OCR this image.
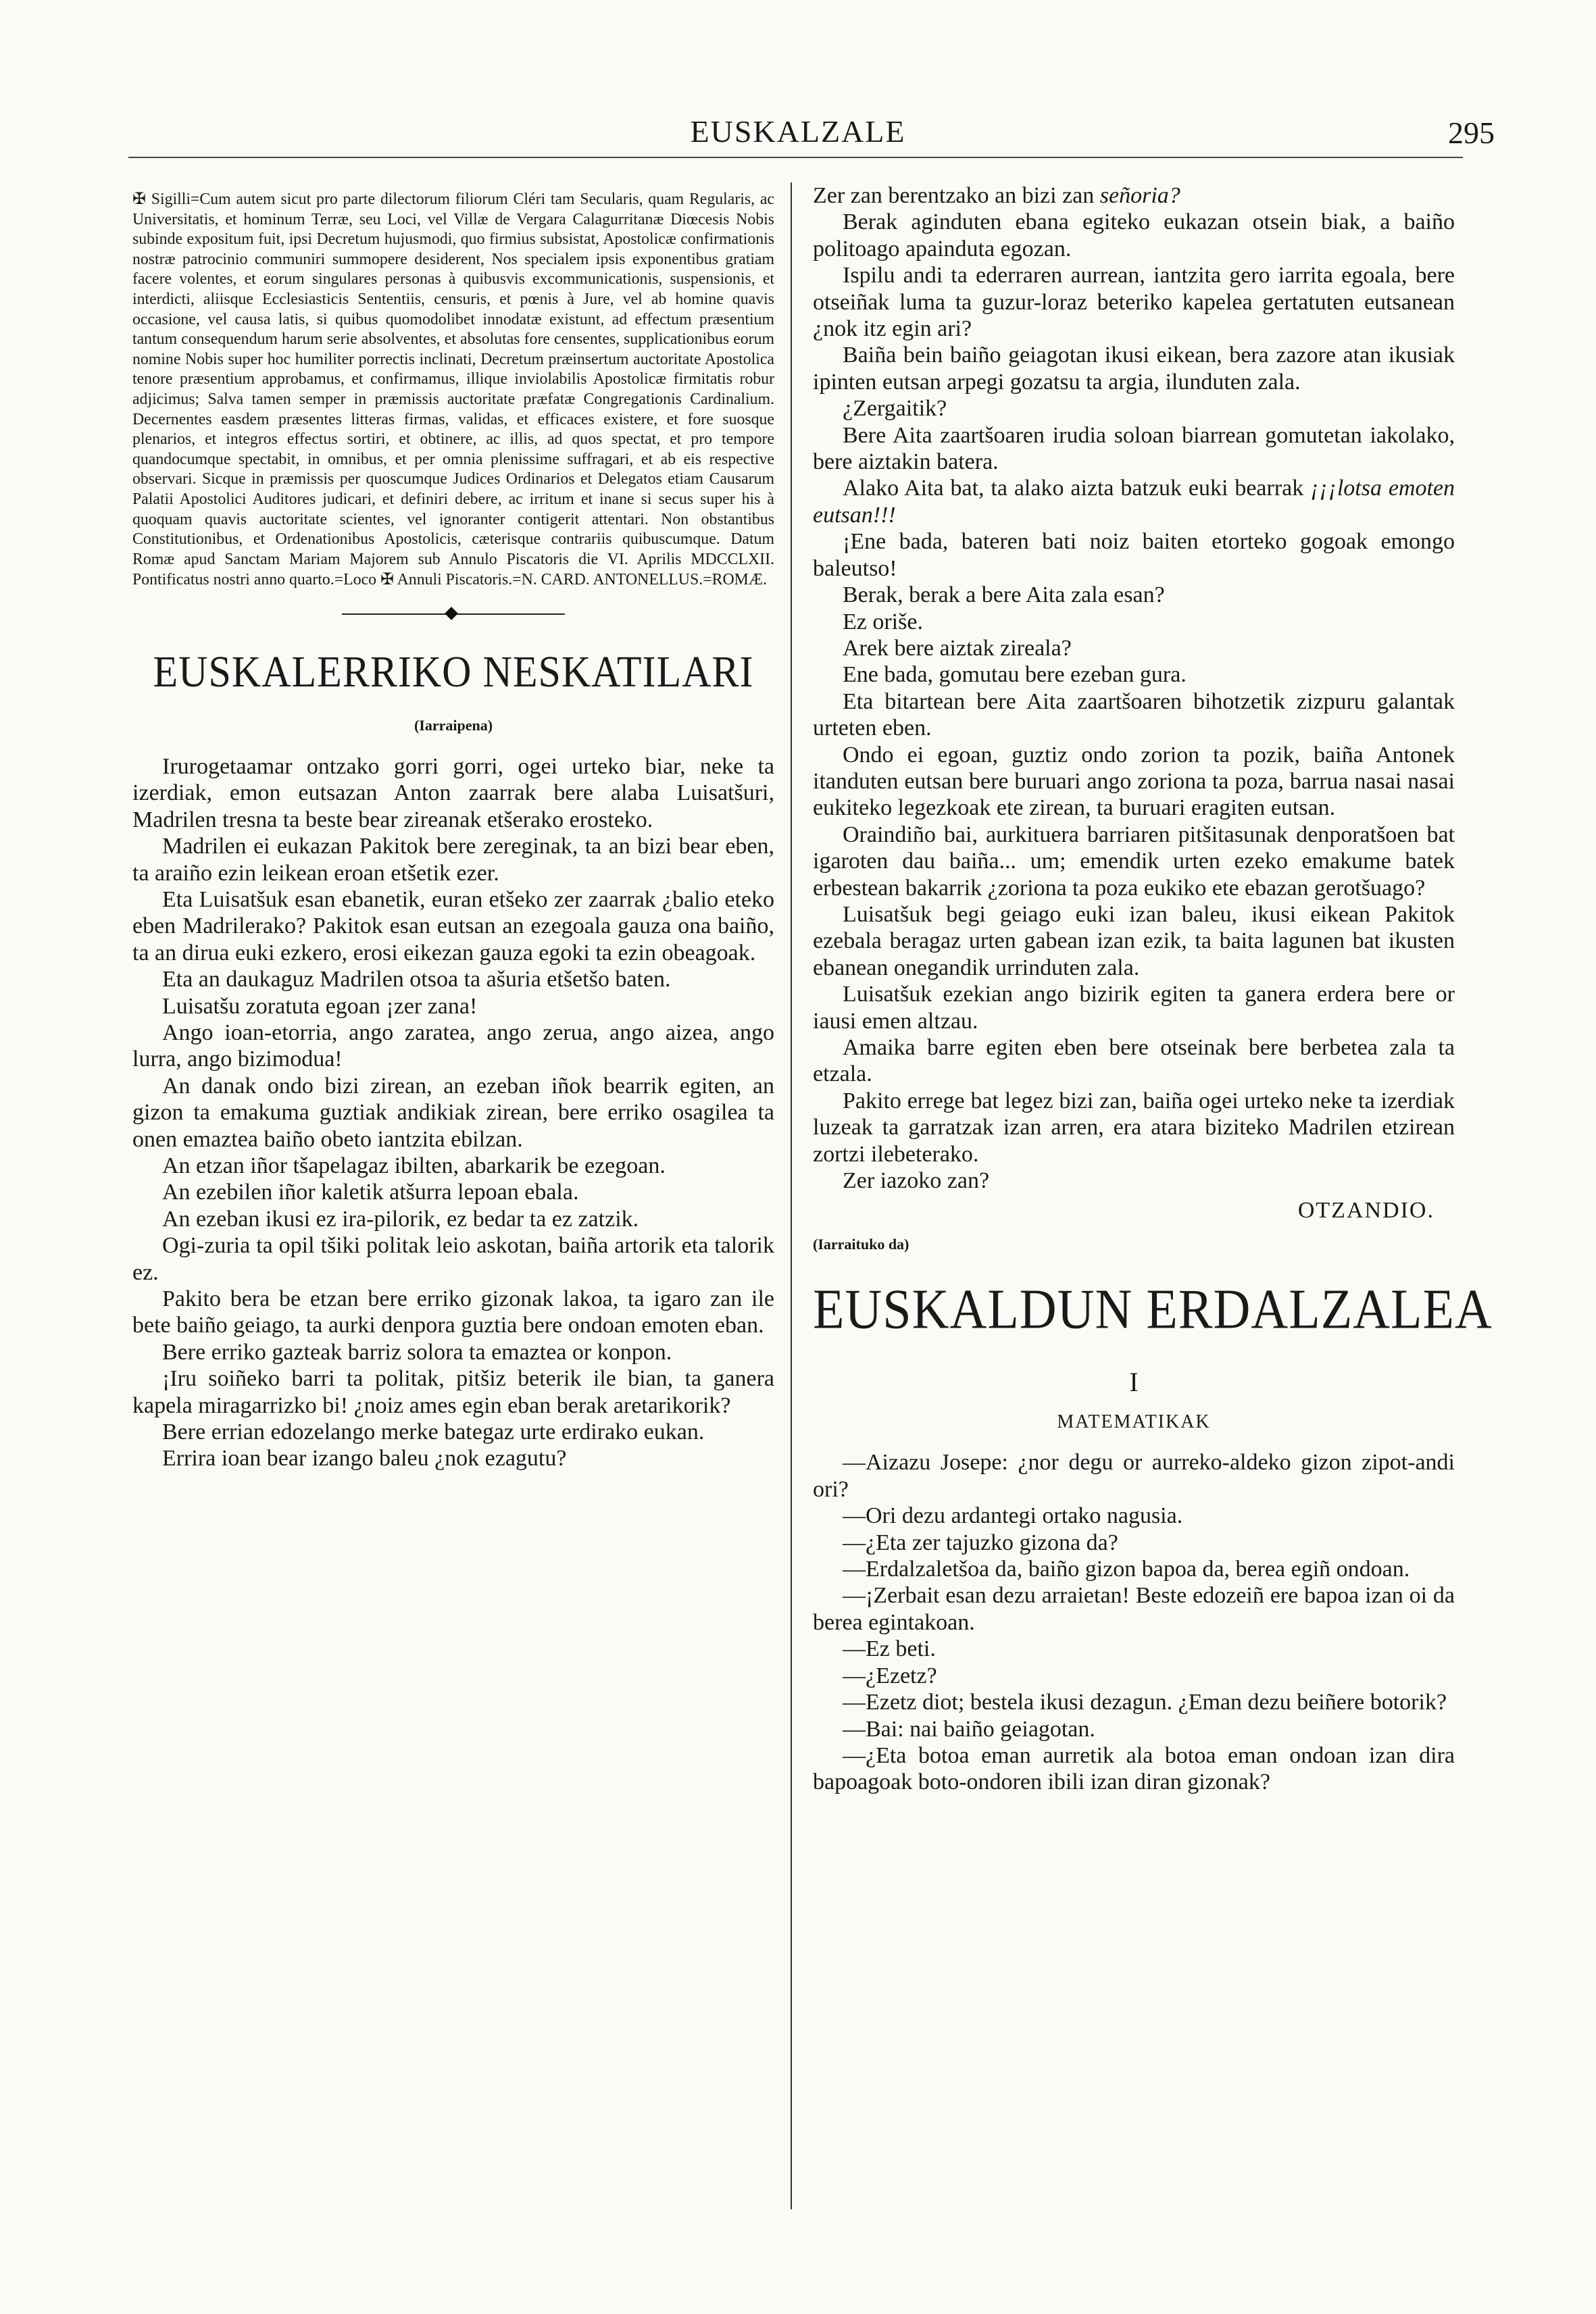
EUSKALZALE	295

✠ Sigilli=Cum autem sicut pro parte dilectorum filiorum Cléri tam Secularis, quam Regularis, ac Universitatis, et hominum Terræ, seu Loci, vel Villæ de Vergara Calagurritanæ Diœcesis Nobis subinde expositum fuit, ipsi Decretum hujusmodi, quo firmius subsistat, Apostolicæ confirmationis nostræ patrocinio communiri summopere desiderent, Nos specialem ipsis exponentibus gratiam facere volentes, et eorum singulares personas à quibusvis excommunicationis, suspensionis, et interdicti, aliisque Ecclesiasticis Sententiis, censuris, et pœnis à Jure, vel ab homine quavis occasione, vel causa latis, si quibus quomodolibet innodatæ existunt, ad effectum præsentium tantum consequendum harum serie absolventes, et absolutas fore censentes, supplicationibus eorum nomine Nobis super hoc humiliter porrectis inclinati, Decretum præinsertum auctoritate Apostolica tenore præsentium approbamus, et confirmamus, illique inviolabilis Apostolicæ firmitatis robur adjicimus; Salva tamen semper in præmissis auctoritate præfatæ Congregationis Cardinalium. Decernentes easdem præsentes litteras firmas, validas, et efficaces existere, et fore suosque plenarios, et integros effectus sortiri, et obtinere, ac illis, ad quos spectat, et pro tempore quandocumque spectabit, in omnibus, et per omnia plenissime suffragari, et ab eis respective observari. Sicque in præmissis per quoscumque Judices Ordinarios et Delegatos etiam Causarum Palatii Apostolici Auditores judicari, et definiri debere, ac irritum et inane si secus super his à quoquam quavis auctoritate scientes, vel ignoranter contigerit attentari. Non obstantibus Constitutionibus, et Ordenationibus Apostolicis, cæterisque contrariis quibuscumque. Datum Romæ apud Sanctam Mariam Majorem sub Annulo Piscatoris die VI. Aprilis MDCCLXII. Pontificatus nostri anno quarto.=Loco ✠ Annuli Piscatoris.=N. CARD. ANTONELLUS.=ROMÆ.

EUSKALERRIKO NESKATILARI
(Iarraipena)

Irurogetaamar ontzako gorri gorri, ogei urteko biar, neke ta izerdiak, emon eutsazan Anton zaarrak bere alaba Luisatšuri, Madrilen tresna ta beste bear zireanak etšerako erosteko.

Madrilen ei eukazan Pakitok bere zereginak, ta an bizi bear eben, ta araiño ezin leikean eroan etšetik ezer.

Eta Luisatšuk esan ebanetik, euran etšeko zer zaarrak ¿balio eteko eben Madrilerako? Pakitok esan eutsan an ezegoala gauza ona baiño, ta an dirua euki ezkero, erosi eikezan gauza egoki ta ezin obeagoak.

Eta an daukaguz Madrilen otsoa ta ašuria etšetšo baten.

Luisatšu zoratuta egoan ¡zer zana!

Ango ioan-etorria, ango zaratea, ango zerua, ango aizea, ango lurra, ango bizimodua!

An danak ondo bizi zirean, an ezeban iñok bearrik egiten, an gizon ta emakuma guztiak andikiak zirean, bere erriko osagilea ta onen emaztea baiño obeto iantzita ebilzan.

An etzan iñor tšapelagaz ibilten, abarkarik be ezegoan.

An ezebilen iñor kaletik atšurra lepoan ebala.

An ezeban ikusi ez ira-pilorik, ez bedar ta ez zatzik.

Ogi-zuria ta opil tšiki politak leio askotan, baiña artorik eta talorik ez.

Pakito bera be etzan bere erriko gizonak lakoa, ta igaro zan ile bete baiño geiago, ta aurki denpora guztia bere ondoan emoten eban.

Bere erriko gazteak barriz solora ta emaztea or konpon.

¡Iru soiñeko barri ta politak, pitšiz beterik ile bian, ta ganera kapela miragarrizko bi! ¿noiz ames egin eban berak aretarikorik?

Bere errian edozelango merke bategaz urte erdirako eukan.

Errira ioan bear izango baleu ¿nok ezagutu?

Zer zan berentzako an bizi zan señoria?

Berak aginduten ebana egiteko eukazan otsein biak, a baiño politoago apainduta egozan.

Ispilu andi ta ederraren aurrean, iantzita gero iarrita egoala, bere otseiñak luma ta guzur-loraz beteriko kapelea gertatuten eutsanean ¿nok itz egin ari?

Baiña bein baiño geiagotan ikusi eikean, bera zazore atan ikusiak ipinten eutsan arpegi gozatsu ta argia, ilunduten zala.

¿Zergaitik?

Bere Aita zaartšoaren irudia soloan biarrean gomutetan iakolako, bere aiztakin batera.

Alako Aita bat, ta alako aizta batzuk euki bearrak ¡¡¡lotsa emoten eutsan!!!

¡Ene bada, bateren bati noiz baiten etorteko gogoak emongo baleutso!

Berak, berak a bere Aita zala esan?

Ez oriše.

Arek bere aiztak zireala?

Ene bada, gomutau bere ezeban gura.

Eta bitartean bere Aita zaartšoaren bihotzetik zizpuru galantak urteten eben.

Ondo ei egoan, guztiz ondo zorion ta pozik, baiña Antonek itanduten eutsan bere buruari ango zoriona ta poza, barrua nasai nasai eukiteko legezkoak ete zirean, ta buruari eragiten eutsan.

Oraindiño bai, aurkituera barriaren pitšitasunak denporatšoen bat igaroten dau baiña... um; emendik urten ezeko emakume batek erbestean bakarrik ¿zoriona ta poza eukiko ete ebazan gerotšuago?

Luisatšuk begi geiago euki izan baleu, ikusi eikean Pakitok ezebala beragaz urten gabean izan ezik, ta baita lagunen bat ikusten ebanean onegandik urrinduten zala.

Luisatšuk ezekian ango bizirik egiten ta ganera erdera bere or iausi emen altzau.

Amaika barre egiten eben bere otseinak bere berbetea zala ta etzala.

Pakito errege bat legez bizi zan, baiña ogei urteko neke ta izerdiak luzeak ta garratzak izan arren, era atara biziteko Madrilen etzirean zortzi ilebeterako.

Zer iazoko zan?

OTZANDIO.
(Iarraituko da)
EUSKALDUN ERDALZALEA
I
MATEMATIKAK

—Aizazu Josepe: ¿nor degu or aurreko-aldeko gizon zipot-andi ori?

—Ori dezu ardantegi ortako nagusia.

—¿Eta zer tajuzko gizona da?

—Erdalzaletšoa da, baiño gizon bapoa da, berea egiñ ondoan.

—¡Zerbait esan dezu arraietan! Beste edozeiñ ere bapoa izan oi da berea egintakoan.

—Ez beti.

—¿Ezetz?

—Ezetz diot; bestela ikusi dezagun. ¿Eman dezu beiñere botorik?

—Bai: nai baiño geiagotan.

—¿Eta botoa eman aurretik ala botoa eman ondoan izan dira bapoagoak boto-ondoren ibili izan diran gizonak?
